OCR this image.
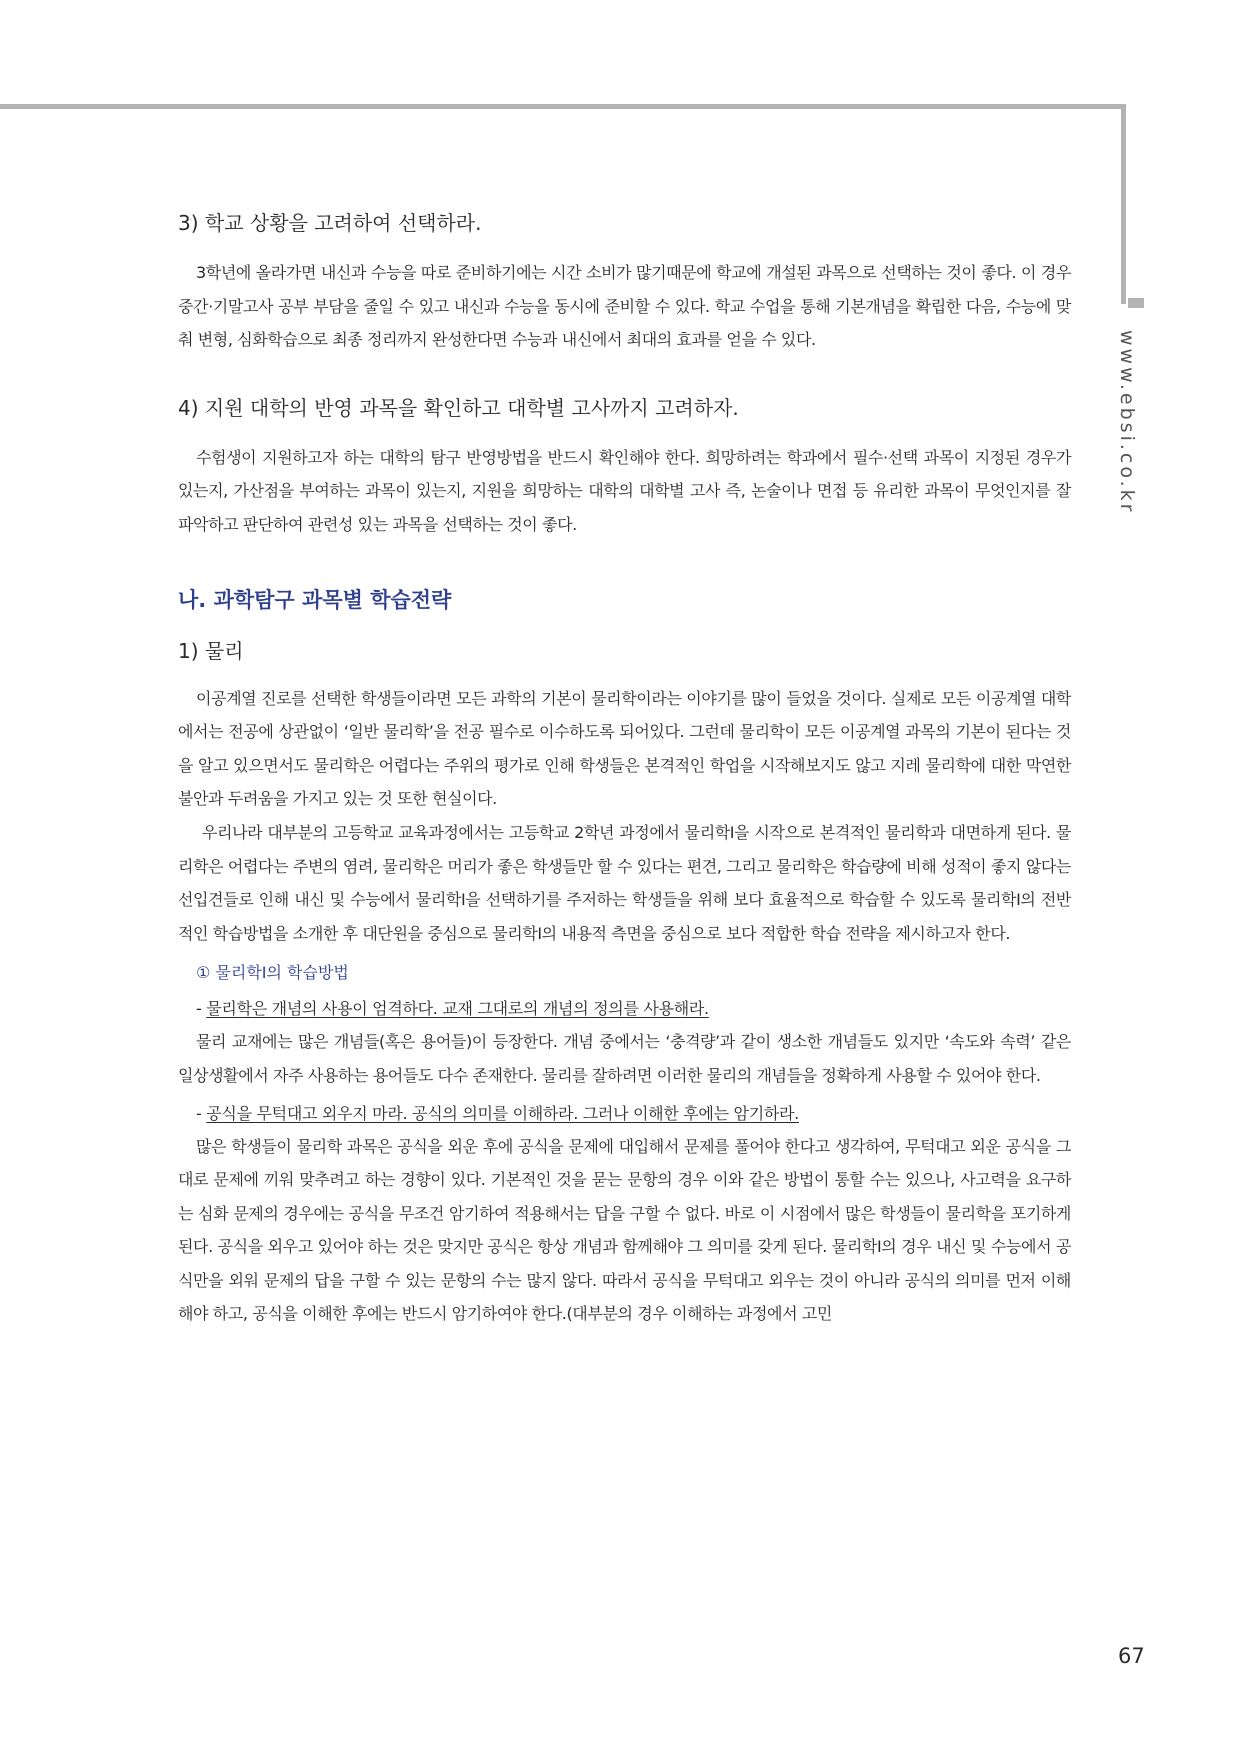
www.ebsi.co.kr

3) 학교 상황을 고려하여 선택하라.

3학년에 올라가면 내신과 수능을 따로 준비하기에는 시간 소비가 많기때문에 학교에 개설된 과목으로 선택하는 것이 좋다. 이 경우 중간·기말고사 공부 부담을 줄일 수 있고 내신과 수능을 동시에 준비할 수 있다. 학교 수업을 통해 기본개념을 확립한 다음, 수능에 맞춰 변형, 심화학습으로 최종 정리까지 완성한다면 수능과 내신에서 최대의 효과를 얻을 수 있다.

4) 지원 대학의 반영 과목을 확인하고 대학별 고사까지 고려하자.

수험생이 지원하고자 하는 대학의 탐구 반영방법을 반드시 확인해야 한다. 희망하려는 학과에서 필수·선택 과목이 지정된 경우가 있는지, 가산점을 부여하는 과목이 있는지, 지원을 희망하는 대학의 대학별 고사 즉, 논술이나 면접 등 유리한 과목이 무엇인지를 잘 파악하고 판단하여 관련성 있는 과목을 선택하는 것이 좋다.

나. 과학탐구 과목별 학습전략

1) 물리

이공계열 진로를 선택한 학생들이라면 모든 과학의 기본이 물리학이라는 이야기를 많이 들었을 것이다. 실제로 모든 이공계열 대학에서는 전공에 상관없이 ‘일반 물리학’을 전공 필수로 이수하도록 되어있다. 그런데 물리학이 모든 이공계열 과목의 기본이 된다는 것을 알고 있으면서도 물리학은 어렵다는 주위의 평가로 인해 학생들은 본격적인 학업을 시작해보지도 않고 지레 물리학에 대한 막연한 불안과 두려움을 가지고 있는 것 또한 현실이다.

우리나라 대부분의 고등학교 교육과정에서는 고등학교 2학년 과정에서 물리학I을 시작으로 본격적인 물리학과 대면하게 된다. 물리학은 어렵다는 주변의 염려, 물리학은 머리가 좋은 학생들만 할 수 있다는 편견, 그리고 물리학은 학습량에 비해 성적이 좋지 않다는 선입견들로 인해 내신 및 수능에서 물리학I을 선택하기를 주저하는 학생들을 위해 보다 효율적으로 학습할 수 있도록 물리학I의 전반적인 학습방법을 소개한 후 대단원을 중심으로 물리학I의 내용적 측면을 중심으로 보다 적합한 학습 전략을 제시하고자 한다.

① 물리학I의 학습방법

- 물리학은 개념의 사용이 엄격하다. 교재 그대로의 개념의 정의를 사용해라.

물리 교재에는 많은 개념들(혹은 용어들)이 등장한다. 개념 중에서는 ‘충격량’과 같이 생소한 개념들도 있지만 ‘속도와 속력’ 같은 일상생활에서 자주 사용하는 용어들도 다수 존재한다. 물리를 잘하려면 이러한 물리의 개념들을 정확하게 사용할 수 있어야 한다.

- 공식을 무턱대고 외우지 마라. 공식의 의미를 이해하라. 그러나 이해한 후에는 암기하라.

많은 학생들이 물리학 과목은 공식을 외운 후에 공식을 문제에 대입해서 문제를 풀어야 한다고 생각하여, 무턱대고 외운 공식을 그대로 문제에 끼워 맞추려고 하는 경향이 있다. 기본적인 것을 묻는 문항의 경우 이와 같은 방법이 통할 수는 있으나, 사고력을 요구하는 심화 문제의 경우에는 공식을 무조건 암기하여 적용해서는 답을 구할 수 없다. 바로 이 시점에서 많은 학생들이 물리학을 포기하게 된다. 공식을 외우고 있어야 하는 것은 맞지만 공식은 항상 개념과 함께해야 그 의미를 갖게 된다. 물리학I의 경우 내신 및 수능에서 공식만을 외워 문제의 답을 구할 수 있는 문항의 수는 많지 않다. 따라서 공식을 무턱대고 외우는 것이 아니라 공식의 의미를 먼저 이해해야 하고, 공식을 이해한 후에는 반드시 암기하여야 한다.(대부분의 경우 이해하는 과정에서 고민

67
